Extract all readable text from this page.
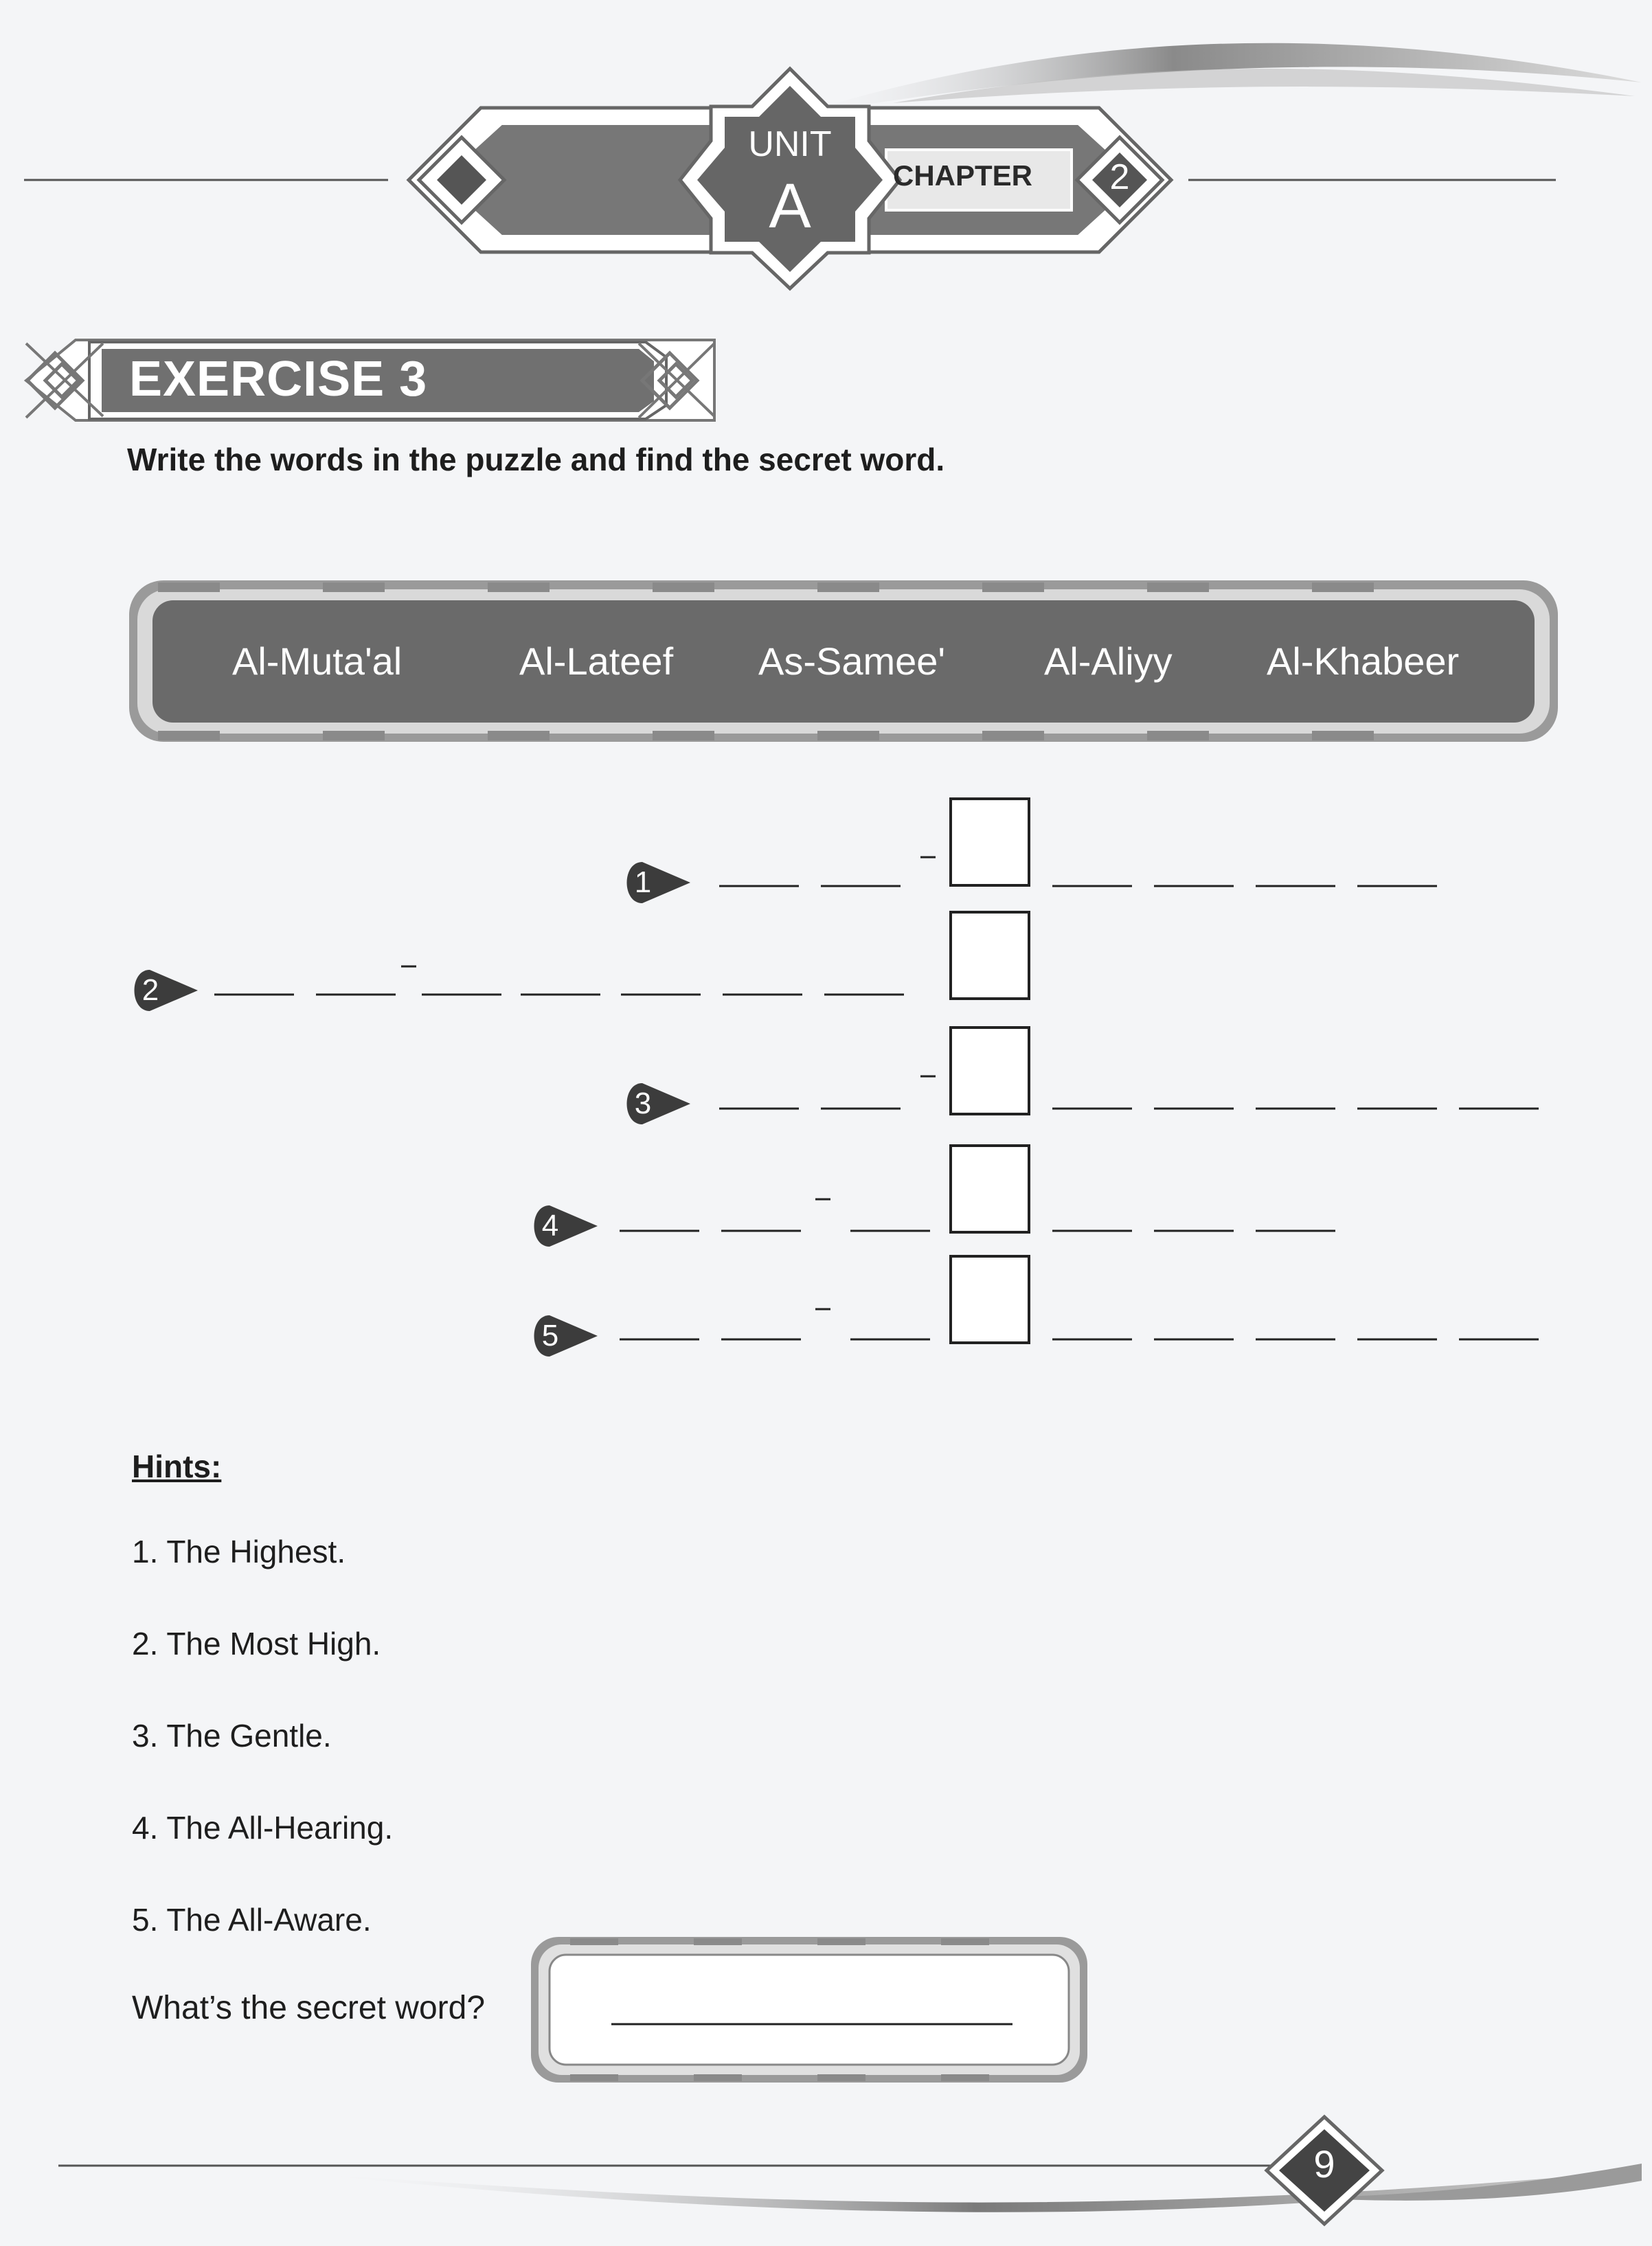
UNIT
A	CHAPTER	2
EXERCISE 3
Write the words in the puzzle and find the secret word.
Al-Muta'al	Al-Lateef As-Samee'	Al-Aliyy Al-Khabeer
1
2
3
4
5
Hints:
1. The Highest.
2. The Most High.
3. The Gentle.
4. The All-Hearing.
5. The All-Aware.
What’s the secret word?
9
